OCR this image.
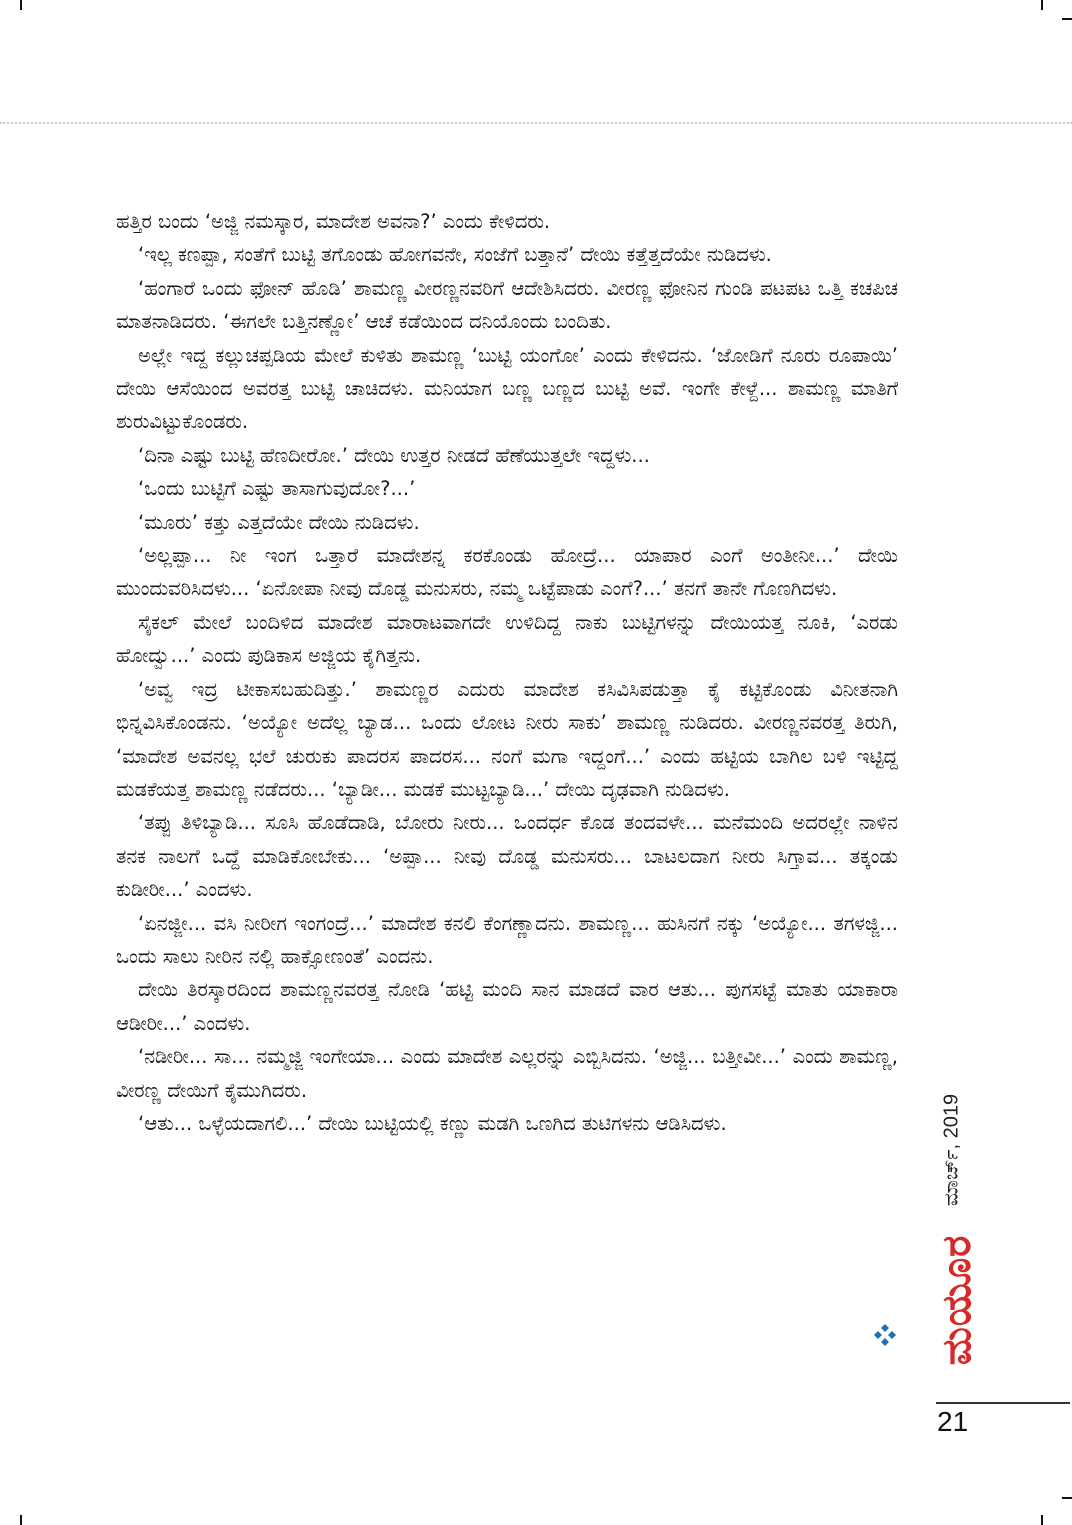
ಹತ್ತಿರ ಬಂದು ‘ಅಜ್ಜಿ ನಮಸ್ಕಾರ, ಮಾದೇಶ ಅವನಾ?’ ಎಂದು ಕೇಳಿದರು.

‘ಇಲ್ಲ ಕಣಪ್ಪಾ, ಸಂತೆಗೆ ಬುಟ್ಟಿ ತಗೊಂಡು ಹೋಗವನೇ, ಸಂಜೆಗೆ ಬತ್ತಾನೆ’ ದೇಯಿ ಕತ್ತೆತ್ತದೆಯೇ ನುಡಿದಳು.

‘ಹಂಗಾರೆ ಒಂದು ಫೋನ್ ಹೊಡಿ’ ಶಾಮಣ್ಣ ವೀರಣ್ಣನವರಿಗೆ ಆದೇಶಿಸಿದರು. ವೀರಣ್ಣ ಫೋನಿನ ಗುಂಡಿ ಪಟಪಟ ಒತ್ತಿ ಕಚಪಿಚ ಮಾತನಾಡಿದರು. ‘ಈಗಲೇ ಬತ್ತಿನಣ್ಣೋ’ ಆಚೆ ಕಡೆಯಿಂದ ದನಿಯೊಂದು ಬಂದಿತು.

ಅಲ್ಲೇ ಇದ್ದ ಕಲ್ಲುಚಪ್ಪಡಿಯ ಮೇಲೆ ಕುಳಿತು ಶಾಮಣ್ಣ ‘ಬುಟ್ಟಿ ಯಂಗೋ’ ಎಂದು ಕೇಳಿದನು. ‘ಜೋಡಿಗೆ ನೂರು ರೂಪಾಯಿ’ ದೇಯಿ ಆಸೆಯಿಂದ ಅವರತ್ತ ಬುಟ್ಟಿ ಚಾಚಿದಳು. ಮನಿಯಾಗ ಬಣ್ಣ ಬಣ್ಣದ ಬುಟ್ಟಿ ಅವೆ. ಇಂಗೇ ಕೇಳ್ದೆ... ಶಾಮಣ್ಣ ಮಾತಿಗೆ ಶುರುವಿಟ್ಟುಕೊಂಡರು.

‘ದಿನಾ ಎಷ್ಟು ಬುಟ್ಟಿ ಹೆಣದೀರೋ.’ ದೇಯಿ ಉತ್ತರ ನೀಡದೆ ಹೆಣೆಯುತ್ತಲೇ ಇದ್ದಳು...

‘ಒಂದು ಬುಟ್ಟಿಗೆ ಎಷ್ಟು ತಾಸಾಗುವುದೋ?...’

‘ಮೂರು’ ಕತ್ತು ಎತ್ತದೆಯೇ ದೇಯಿ ನುಡಿದಳು.

‘ಅಲ್ಲಪ್ಪಾ... ನೀ ಇಂಗ ಒತ್ತಾರೆ ಮಾದೇಶನ್ನ ಕರಕೊಂಡು ಹೋದ್ರೆ... ಯಾಪಾರ ಎಂಗೆ ಅಂತೀನೀ...’ ದೇಯಿ ಮುಂದುವರಿಸಿದಳು... ‘ಏನೋಪಾ ನೀವು ದೊಡ್ಡ ಮನುಸರು, ನಮ್ಮ ಒಟ್ಟೆಪಾಡು ಎಂಗೆ?...’ ತನಗೆ ತಾನೇ ಗೊಣಗಿದಳು.

ಸೈಕಲ್ ಮೇಲೆ ಬಂದಿಳಿದ ಮಾದೇಶ ಮಾರಾಟವಾಗದೇ ಉಳಿದಿದ್ದ ನಾಕು ಬುಟ್ಟಿಗಳನ್ನು ದೇಯಿಯತ್ತ ನೂಕಿ, ‘ಎರಡು ಹೋದ್ವು...’ ಎಂದು ಪುಡಿಕಾಸ ಅಜ್ಜಿಯ ಕೈಗಿತ್ತನು.

‘ಅವ್ವ ಇದ್ರ ಟೀಕಾಸಬಹುದಿತ್ತು.’ ಶಾಮಣ್ಣರ ಎದುರು ಮಾದೇಶ ಕಸಿವಿಸಿಪಡುತ್ತಾ ಕೈ ಕಟ್ಟಿಕೊಂಡು ವಿನೀತನಾಗಿ ಭಿನ್ನವಿಸಿಕೊಂಡನು. ‘ಅಯ್ಯೋ ಅದೆಲ್ಲ ಬ್ಯಾಡ... ಒಂದು ಲೋಟ ನೀರು ಸಾಕು’ ಶಾಮಣ್ಣ ನುಡಿದರು. ವೀರಣ್ಣನವರತ್ತ ತಿರುಗಿ, ‘ಮಾದೇಶ ಅವನಲ್ಲ ಭಲೆ ಚುರುಕು ಪಾದರಸ ಪಾದರಸ... ನಂಗೆ ಮಗಾ ಇದ್ದಂಗೆ...’ ಎಂದು ಹಟ್ಟಿಯ ಬಾಗಿಲ ಬಳಿ ಇಟ್ಟಿದ್ದ ಮಡಕೆಯತ್ತ ಶಾಮಣ್ಣ ನಡೆದರು... ‘ಬ್ಯಾಡೀ... ಮಡಕೆ ಮುಟ್ಟಬ್ಯಾಡಿ...’ ದೇಯಿ ದೃಢವಾಗಿ ನುಡಿದಳು.

‘ತಪ್ಪು ತಿಳಿಬ್ಯಾಡಿ... ಸೂಸಿ ಹೊಡೆದಾಡಿ, ಬೋರು ನೀರು... ಒಂದರ್ಧ ಕೊಡ ತಂದವಳೇ... ಮನೆಮಂದಿ ಅದರಲ್ಲೇ ನಾಳಿನ ತನಕ ನಾಲಗೆ ಒದ್ದೆ ಮಾಡಿಕೋಬೇಕು... ‘ಅಪ್ಪಾ... ನೀವು ದೊಡ್ಡ ಮನುಸರು... ಬಾಟಲದಾಗ ನೀರು ಸಿಗ್ತಾವ... ತಕ್ಕಂಡು ಕುಡೀರೀ...’ ಎಂದಳು.

‘ಏನಜ್ಜೀ... ವಸಿ ನೀರೀಗ ಇಂಗಂದ್ರೆ...’ ಮಾದೇಶ ಕನಲಿ ಕೆಂಗಣ್ಣಾದನು. ಶಾಮಣ್ಣ... ಹುಸಿನಗೆ ನಕ್ಕು ‘ಅಯ್ಯೋ... ತಗಳಜ್ಜಿ... ಒಂದು ಸಾಲು ನೀರಿನ ನಲ್ಲಿ ಹಾಕ್ಸೋಣಂತೆ’ ಎಂದನು.

ದೇಯಿ ತಿರಸ್ಕಾರದಿಂದ ಶಾಮಣ್ಣನವರತ್ತ ನೋಡಿ ‘ಹಟ್ಟಿ ಮಂದಿ ಸಾನ ಮಾಡದೆ ವಾರ ಆತು... ಪುಗಸಟ್ಟೆ ಮಾತು ಯಾಕಾರಾ ಆಡೀರೀ...’ ಎಂದಳು.

‘ನಡೀರೀ... ಸಾ... ನಮ್ಮಜ್ಜಿ ಇಂಗೇಯಾ... ಎಂದು ಮಾದೇಶ ಎಲ್ಲರನ್ನು ಎಬ್ಬಿಸಿದನು. ‘ಅಜ್ಜಿ... ಬತ್ತೀವೀ...’ ಎಂದು ಶಾಮಣ್ಣ, ವೀರಣ್ಣ ದೇಯಿಗೆ ಕೈಮುಗಿದರು.

‘ಆತು... ಒಳ್ಳೆಯದಾಗಲಿ...’ ದೇಯಿ ಬುಟ್ಟಿಯಲ್ಲಿ ಕಣ್ಣು ಮಡಗಿ ಒಣಗಿದ ತುಟಿಗಳನು ಆಡಿಸಿದಳು.	ಮಾರ್ಚ್, 2019
ಮಯೂರ
21
